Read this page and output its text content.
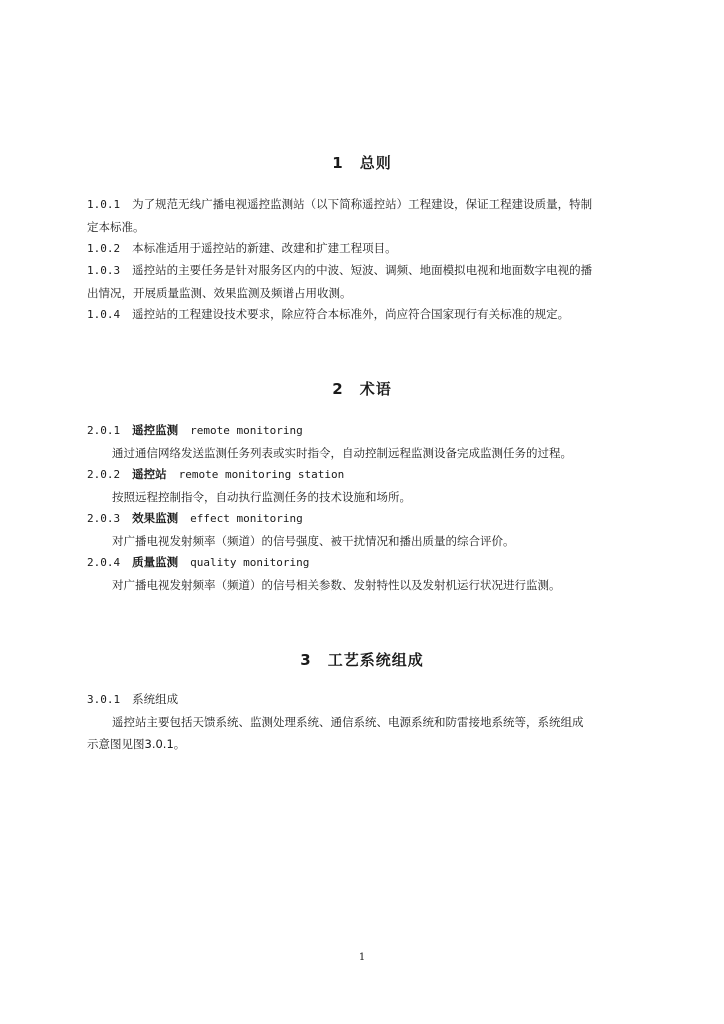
1 总则
1.0.1 为了规范无线广播电视遥控监测站（以下简称遥控站）工程建设，保证工程建设质量，特制
定本标准。
1.0.2 本标准适用于遥控站的新建、改建和扩建工程项目。
1.0.3 遥控站的主要任务是针对服务区内的中波、短波、调频、地面模拟电视和地面数字电视的播
出情况，开展质量监测、效果监测及频谱占用收测。
1.0.4 遥控站的工程建设技术要求，除应符合本标准外，尚应符合国家现行有关标准的规定。
2 术语
2.0.1 遥控监测 remote monitoring
通过通信网络发送监测任务列表或实时指令，自动控制远程监测设备完成监测任务的过程。
2.0.2 遥控站 remote monitoring station
按照远程控制指令，自动执行监测任务的技术设施和场所。
2.0.3 效果监测 effect monitoring
对广播电视发射频率（频道）的信号强度、被干扰情况和播出质量的综合评价。
2.0.4 质量监测 quality monitoring
对广播电视发射频率（频道）的信号相关参数、发射特性以及发射机运行状况进行监测。
3 工艺系统组成
3.0.1 系统组成
遥控站主要包括天馈系统、监测处理系统、通信系统、电源系统和防雷接地系统等，系统组成
示意图见图3.0.1。
1
